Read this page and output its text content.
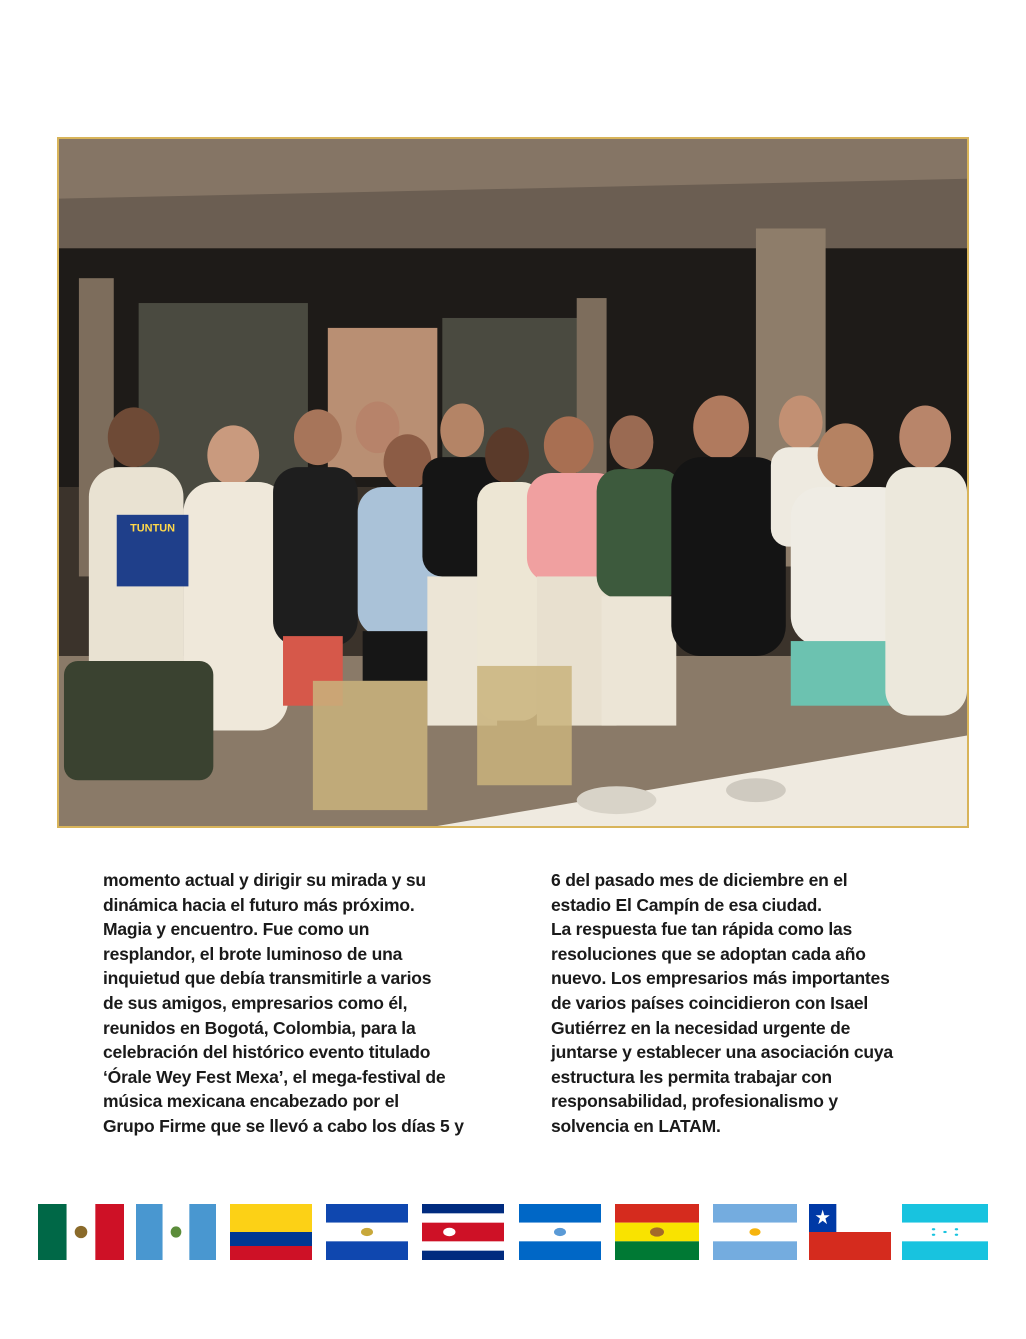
TUNTUN
momento actual y dirigir su mirada y su
dinámica hacia el futuro más próximo.
Magia y encuentro. Fue como un
resplandor, el brote luminoso de una
inquietud que debía transmitirle a varios
de sus amigos, empresarios como él,
reunidos en Bogotá, Colombia, para la
celebración del histórico evento titulado
‘Órale Wey Fest Mexa’, el mega-festival de
música mexicana encabezado por el
Grupo Firme que se llevó a cabo los días 5 y
6 del pasado mes de diciembre en el
estadio El Campín de esa ciudad.
La respuesta fue tan rápida como las
resoluciones que se adoptan cada año
nuevo. Los empresarios más importantes
de varios países coincidieron con Isael
Gutiérrez en la necesidad urgente de
juntarse y establecer una asociación cuya
estructura les permita trabajar con
responsabilidad, profesionalismo y
solvencia en LATAM.
